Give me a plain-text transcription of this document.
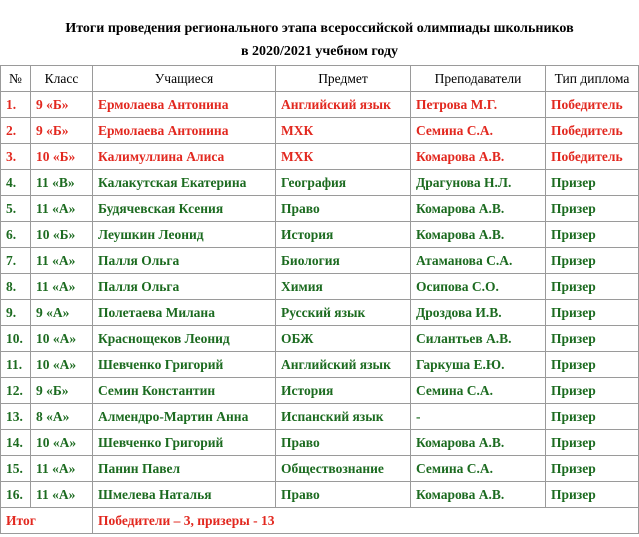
Итоги проведения регионального этапа всероссийской олимпиады школьников
в 2020/2021 учебном году
№	Класс	Учащиеся	Предмет	Преподаватели	Тип диплома
1.	9 «Б»	Ермолаева Антонина	Английский язык	Петрова М.Г.	Победитель
2.	9 «Б»	Ермолаева Антонина	МХК	Семина С.А.	Победитель
3.	10 «Б»	Калимуллина Алиса	МХК	Комарова А.В.	Победитель
4.	11 «В»	Калакутская Екатерина	География	Драгунова Н.Л.	Призер
5.	11 «А»	Будячевская Ксения	Право	Комарова А.В.	Призер
6.	10 «Б»	Леушкин Леонид	История	Комарова А.В.	Призер
7.	11 «А»	Палля Ольга	Биология	Атаманова С.А.	Призер
8.	11 «А»	Палля Ольга	Химия	Осипова С.О.	Призер
9.	9 «А»	Полетаева Милана	Русский язык	Дроздова И.В.	Призер
10.	10 «А»	Краснощеков Леонид	ОБЖ	Силантьев А.В.	Призер
11.	10 «А»	Шевченко Григорий	Английский язык	Гаркуша Е.Ю.	Призер
12.	9 «Б»	Семин Константин	История	Семина С.А.	Призер
13.	8 «А»	Алмендро-Мартин Анна	Испанский язык	-	Призер
14.	10 «А»	Шевченко Григорий	Право	Комарова А.В.	Призер
15.	11 «А»	Панин Павел	Обществознание	Семина С.А.	Призер
16.	11 «А»	Шмелева Наталья	Право	Комарова А.В.	Призер
Итог		Победители – 3, призеры - 13			
